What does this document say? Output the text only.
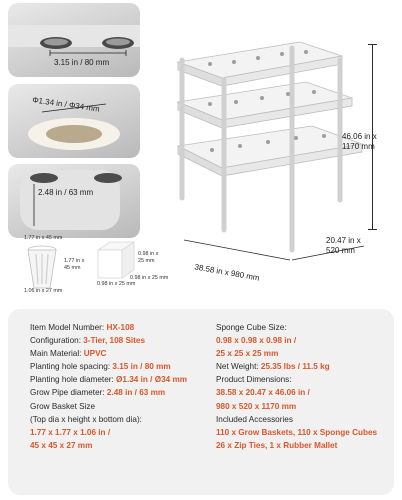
3.15 in / 80 mm
Φ1.34 in / Φ34 mm
2.48 in / 63 mm
46.06 in x
1170 mm
20.47 in x
520 mm
38.58 in x 980 mm
1.77 in x 45 mm
1.77 in x
45 mm
1.06 in x 27 mm
0.98 in x
25 mm
0.98 in x 25 mm
0.98 in x 25 mm
Item Model Number: HX-108
Configuration: 3-Tier, 108 Sites
Main Material: UPVC
Planting hole spacing: 3.15 in / 80 mm
Planting hole diameter: Ø1.34 in / Ø34 mm
Grow Pipe diameter: 2.48 in / 63 mm
Grow Basket Size
(Top dia x height x bottom dia):
1.77 x 1.77 x 1.06 in /
45 x 45 x 27 mm
Sponge Cube Size:
0.98 x 0.98 x 0.98 in /
25 x 25 x 25 mm
Net Weight: 25.35 lbs / 11.5 kg
Product Dimensions:
38.58 x 20.47 x 46.06 in /
980 x 520 x 1170 mm
Included Accessories
110 x Grow Baskets, 110 x Sponge Cubes
26 x Zip Ties, 1 x Rubber Mallet
